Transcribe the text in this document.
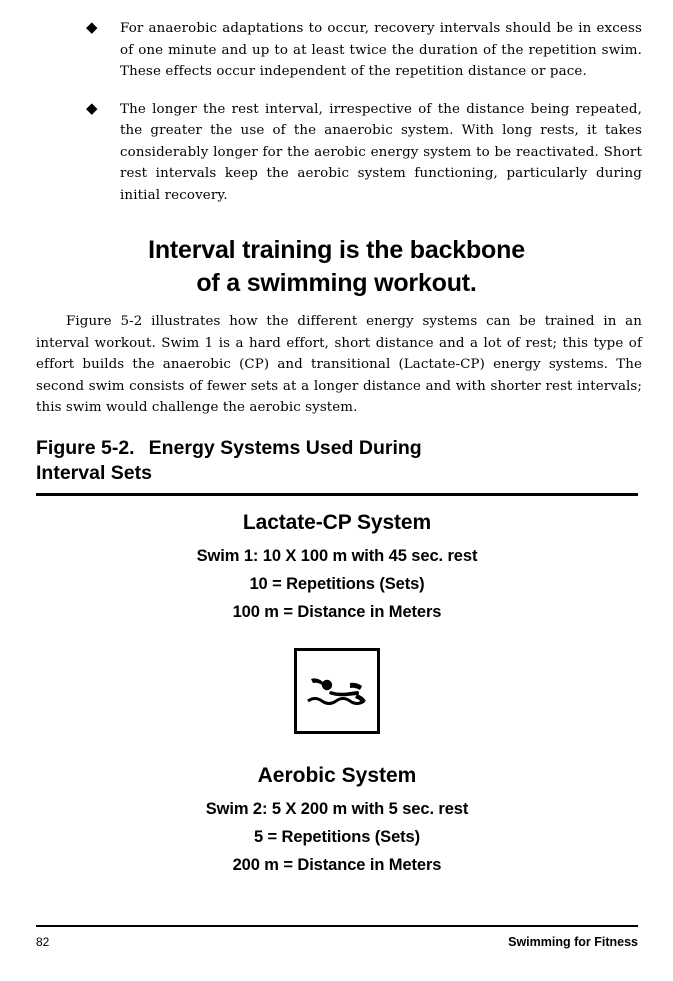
◆	For anaerobic adaptations to occur, recovery intervals should be in excess of one minute and up to at least twice the duration of the repetition swim. These effects occur independent of the repetition distance or pace.
◆	The longer the rest interval, irrespective of the distance being repeated, the greater the use of the anaerobic system. With long rests, it takes considerably longer for the aerobic energy system to be reactivated. Short rest intervals keep the aerobic system functioning, particularly during initial recovery.
Interval training is the backbone
of a swimming workout.
Figure 5-2 illustrates how the different energy systems can be trained in an interval workout. Swim 1 is a hard effort, short distance and a lot of rest; this type of effort builds the anaerobic (CP) and transitional (Lactate-CP) energy systems. The second swim consists of fewer sets at a longer distance and with shorter rest intervals; this swim would challenge the aerobic system.
Figure 5-2. Energy Systems Used During
Interval Sets
Lactate-CP System
Swim 1: 10 X 100 m with 45 sec. rest
10 = Repetitions (Sets)
100 m = Distance in Meters
Aerobic System
Swim 2: 5 X 200 m with 5 sec. rest
5 = Repetitions (Sets)
200 m = Distance in Meters
82	Swimming for Fitness
